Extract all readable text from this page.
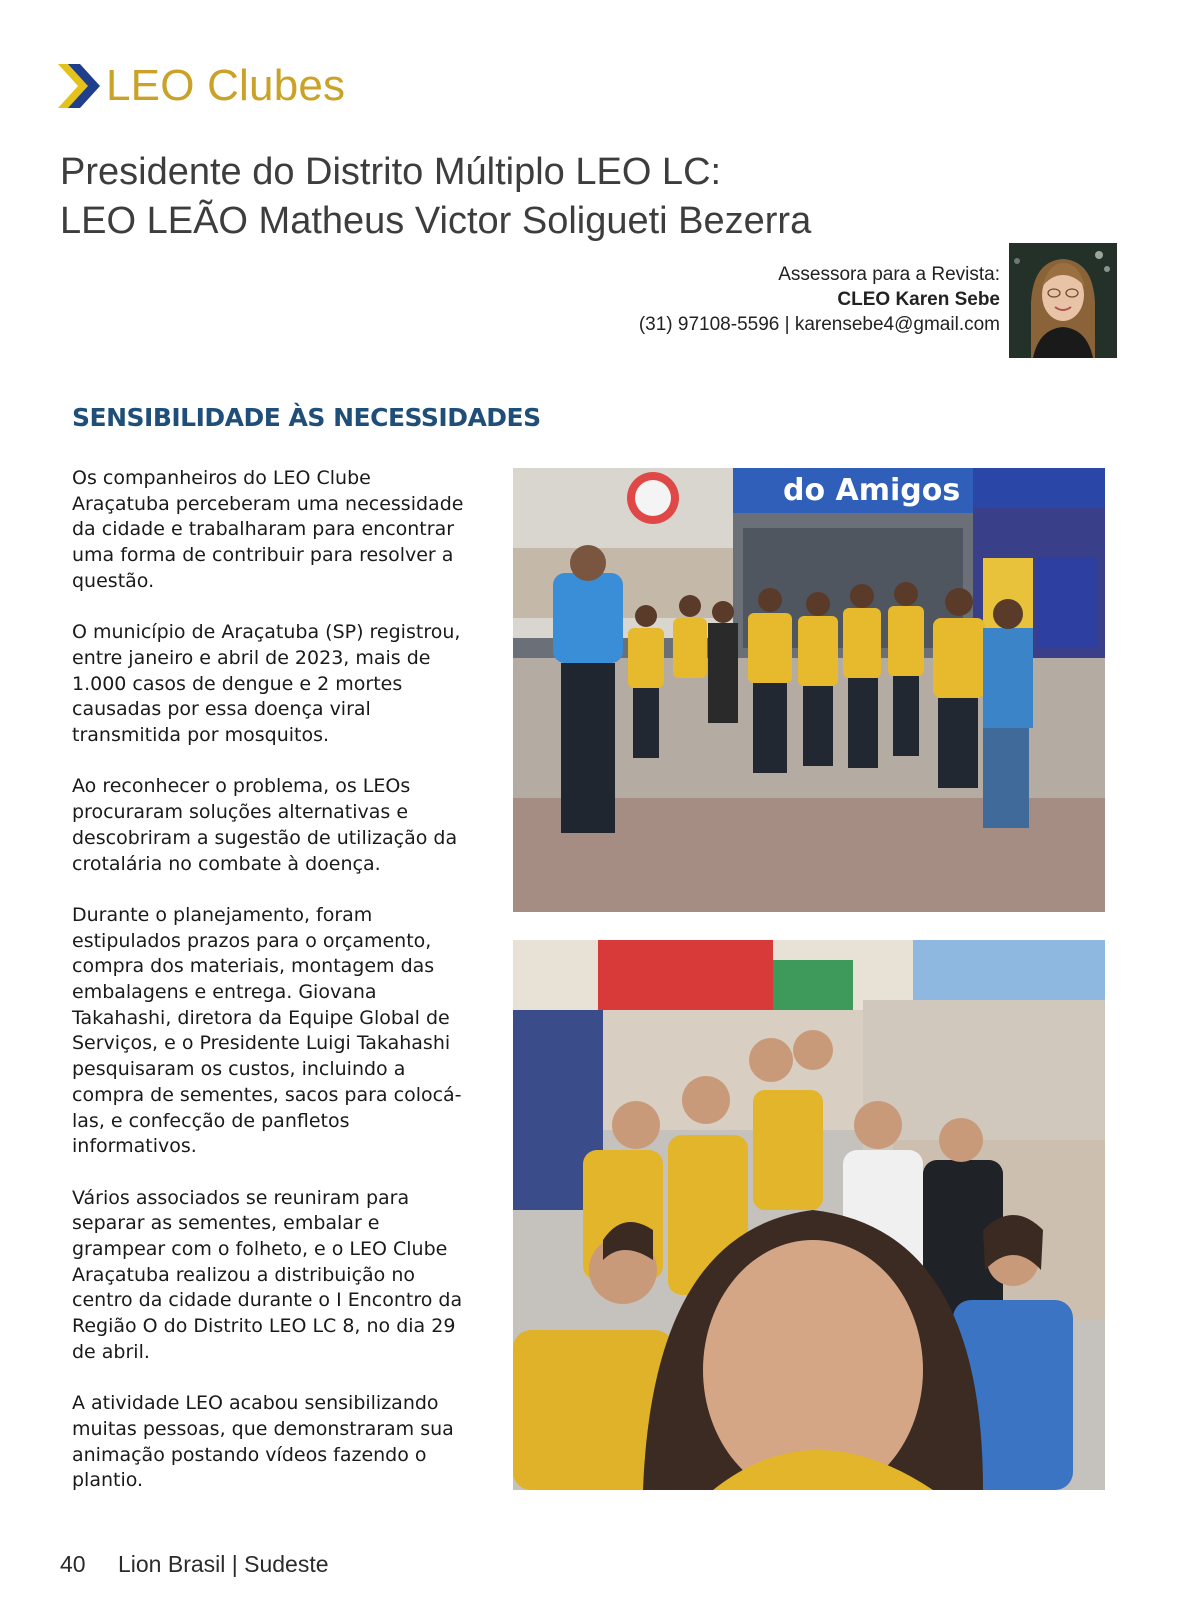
LEO Clubes
Presidente do Distrito Múltiplo LEO LC:
LEO LEÃO Matheus Victor Soligueti Bezerra
Assessora para a Revista:
CLEO Karen Sebe
(31) 97108-5596 | karensebe4@gmail.com
SENSIBILIDADE ÀS NECESSIDADES

Os companheiros do LEO Clube Araçatuba perceberam uma necessidade da cidade e trabalharam para encontrar uma forma de contribuir para resolver a questão.

O município de Araçatuba (SP) registrou, entre janeiro e abril de 2023, mais de 1.000 casos de dengue e 2 mortes causadas por essa doença viral transmitida por mosquitos.

Ao reconhecer o problema, os LEOs procuraram soluções alternativas e descobriram a sugestão de utilização da crotalária no combate à doença.

Durante o planejamento, foram estipulados prazos para o orçamento, compra dos materiais, montagem das embalagens e entrega. Giovana Takahashi, diretora da Equipe Global de Serviços, e o Presidente Luigi Takahashi pesquisaram os custos, incluindo a compra de sementes, sacos para colocá-las, e confecção de panfletos informativos.

Vários associados se reuniram para separar as sementes, embalar e grampear com o folheto, e o LEO Clube Araçatuba realizou a distribuição no centro da cidade durante o I Encontro da Região O do Distrito LEO LC 8, no dia 29 de abril.

A atividade LEO acabou sensibilizando muitas pessoas, que demonstraram sua animação postando vídeos fazendo o plantio.

do Amigos
40 Lion Brasil | Sudeste
